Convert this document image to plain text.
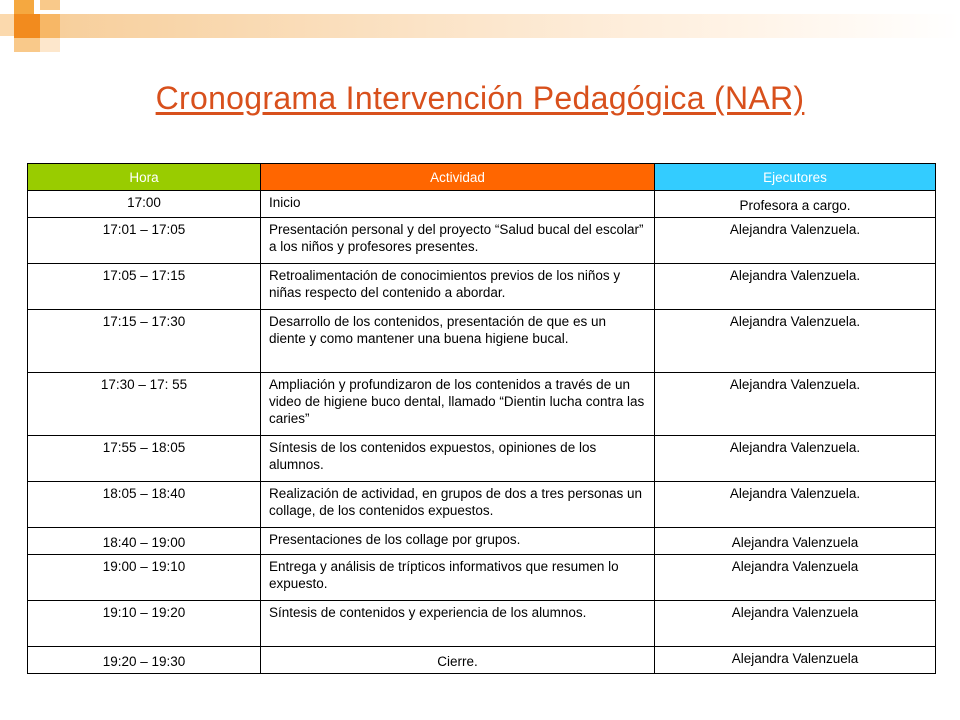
Cronograma Intervención Pedagógica (NAR)
Hora	Actividad	Ejecutores
17:00	Inicio	Profesora a cargo.
17:01 – 17:05	Presentación personal y del proyecto “Salud bucal del escolar” a los niños y profesores presentes.	Alejandra Valenzuela.
17:05 – 17:15	Retroalimentación de conocimientos previos de los niños y niñas respecto del contenido a abordar.	Alejandra Valenzuela.
17:15 – 17:30	Desarrollo de los contenidos, presentación de que es un diente y como mantener una buena higiene bucal.	Alejandra Valenzuela.
17:30 – 17: 55	Ampliación y profundizaron de los contenidos a través de un video de higiene buco dental, llamado “Dientin lucha contra las caries”	Alejandra Valenzuela.
17:55 – 18:05	Síntesis de los contenidos expuestos, opiniones de los alumnos.	Alejandra Valenzuela.
18:05 – 18:40	Realización de actividad, en grupos de dos a tres personas un collage, de los contenidos expuestos.	Alejandra Valenzuela.
18:40 – 19:00	Presentaciones de los collage por grupos.	Alejandra Valenzuela
19:00 – 19:10	Entrega y análisis de trípticos informativos que resumen lo expuesto.	Alejandra Valenzuela
19:10 – 19:20	Síntesis de contenidos y experiencia de los alumnos.	Alejandra Valenzuela
19:20 – 19:30	Cierre.	Alejandra Valenzuela
